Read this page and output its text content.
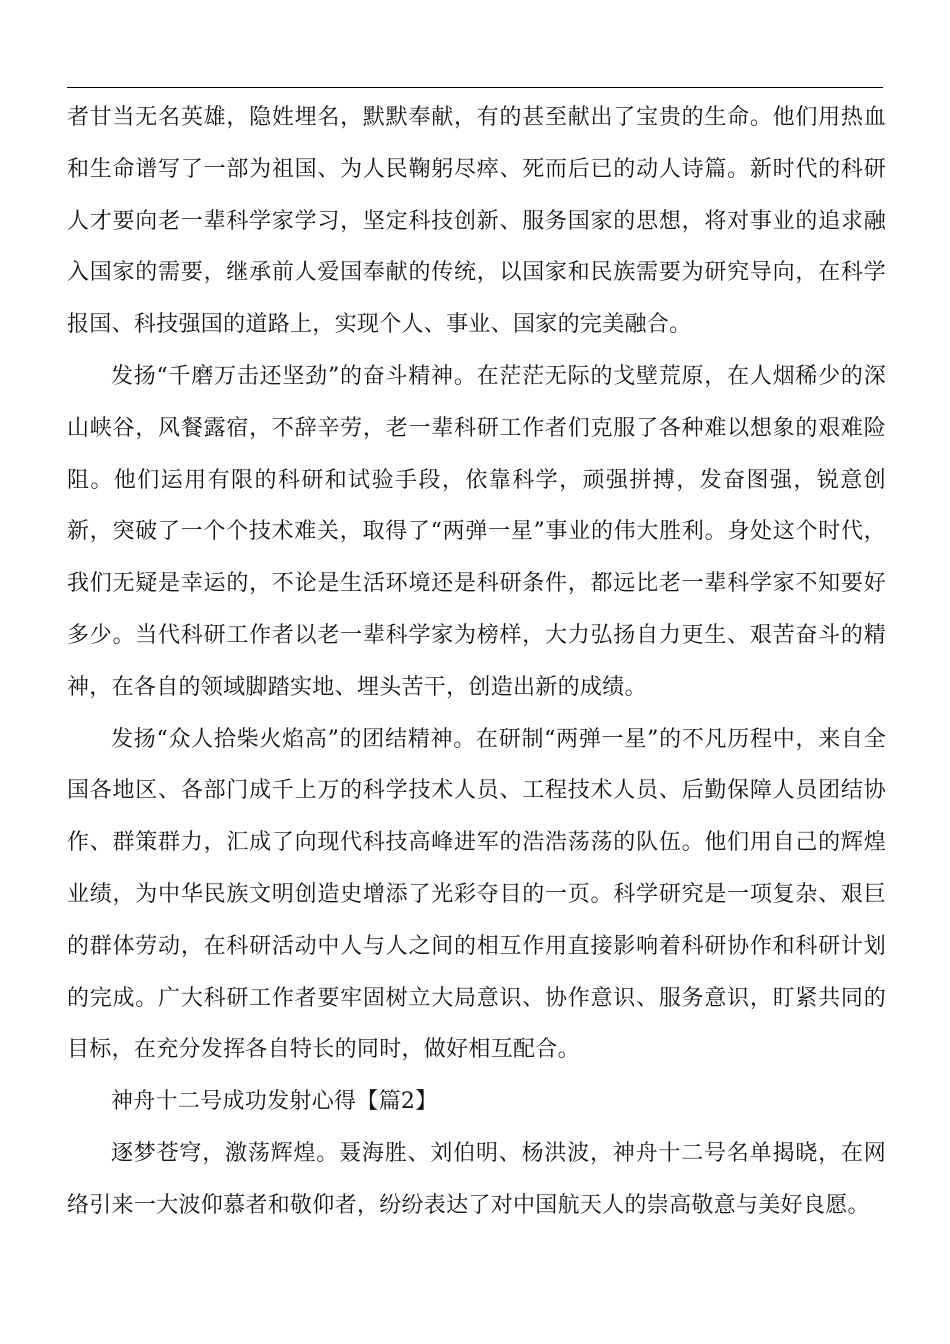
者甘当无名英雄，隐姓埋名，默默奉献，有的甚至献出了宝贵的生命。他们用热血和生命谱写了一部为祖国、为人民鞠躬尽瘁、死而后已的动人诗篇。新时代的科研人才要向老一辈科学家学习，坚定科技创新、服务国家的思想，将对事业的追求融入国家的需要，继承前人爱国奉献的传统，以国家和民族需要为研究导向，在科学报国、科技强国的道路上，实现个人、事业、国家的完美融合。

发扬“千磨万击还坚劲”的奋斗精神。在茫茫无际的戈壁荒原，在人烟稀少的深山峡谷，风餐露宿，不辞辛劳，老一辈科研工作者们克服了各种难以想象的艰难险阻。他们运用有限的科研和试验手段，依靠科学，顽强拼搏，发奋图强，锐意创新，突破了一个个技术难关，取得了“两弹一星”事业的伟大胜利。身处这个时代，我们无疑是幸运的，不论是生活环境还是科研条件，都远比老一辈科学家不知要好多少。当代科研工作者以老一辈科学家为榜样，大力弘扬自力更生、艰苦奋斗的精神，在各自的领域脚踏实地、埋头苦干，创造出新的成绩。

发扬“众人拾柴火焰高”的团结精神。在研制“两弹一星”的不凡历程中，来自全国各地区、各部门成千上万的科学技术人员、工程技术人员、后勤保障人员团结协作、群策群力，汇成了向现代科技高峰进军的浩浩荡荡的队伍。他们用自己的辉煌业绩，为中华民族文明创造史增添了光彩夺目的一页。科学研究是一项复杂、艰巨的群体劳动，在科研活动中人与人之间的相互作用直接影响着科研协作和科研计划的完成。广大科研工作者要牢固树立大局意识、协作意识、服务意识，盯紧共同的目标，在充分发挥各自特长的同时，做好相互配合。

神舟十二号成功发射心得【篇2】

逐梦苍穹，激荡辉煌。聂海胜、刘伯明、杨洪波，神舟十二号名单揭晓，在网络引来一大波仰慕者和敬仰者，纷纷表达了对中国航天人的崇高敬意与美好良愿。
